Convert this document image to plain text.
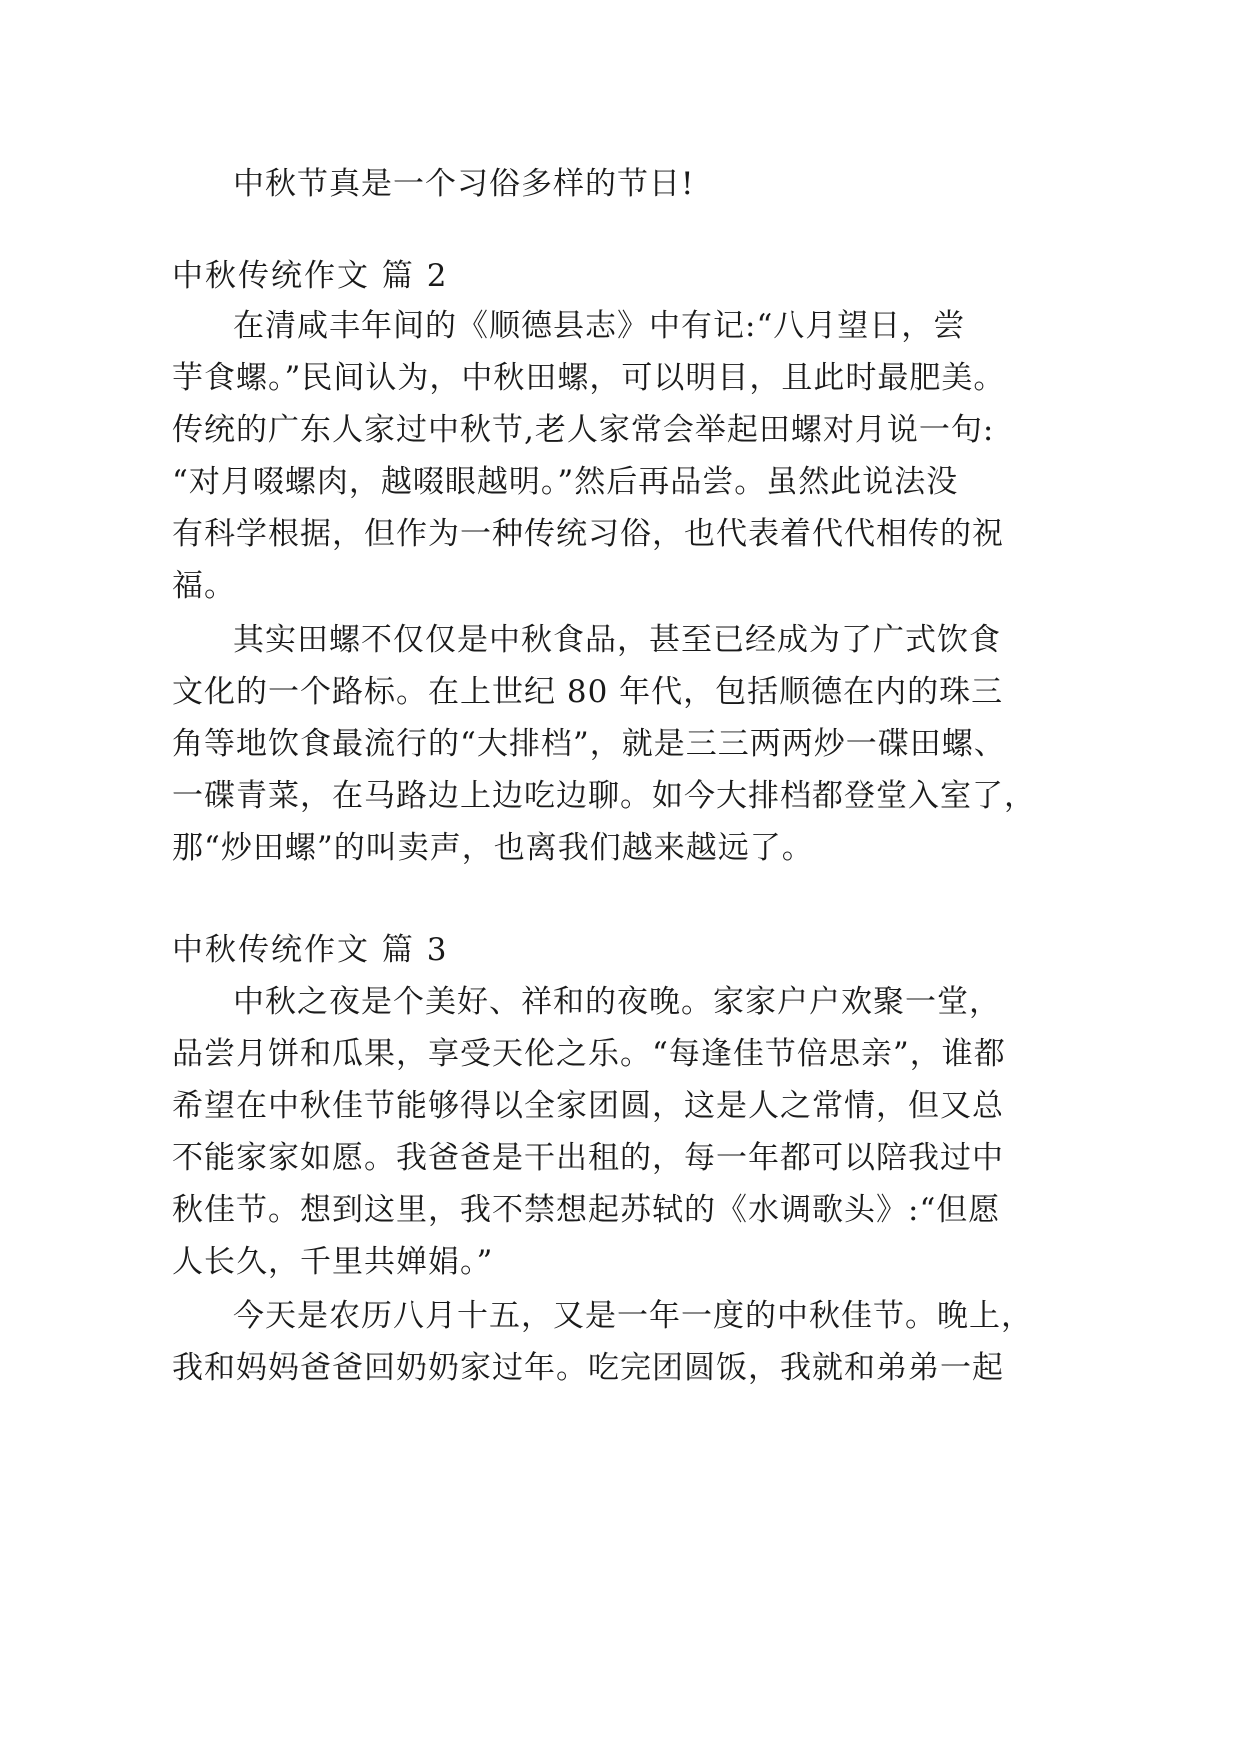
中秋节真是一个习俗多样的节日!
中秋传统作文 篇 2
在清咸丰年间的《顺德县志》中有记:“八月望日，尝
芋食螺。”民间认为，中秋田螺，可以明目，且此时最肥美。
传统的广东人家过中秋节,老人家常会举起田螺对月说一句:
“对月啜螺肉，越啜眼越明。”然后再品尝。虽然此说法没
有科学根据，但作为一种传统习俗，也代表着代代相传的祝
福。
其实田螺不仅仅是中秋食品，甚至已经成为了广式饮食
文化的一个路标。在上世纪 80 年代，包括顺德在内的珠三
角等地饮食最流行的“大排档”，就是三三两两炒一碟田螺、
一碟青菜，在马路边上边吃边聊。如今大排档都登堂入室了，
那“炒田螺”的叫卖声，也离我们越来越远了。
中秋传统作文 篇 3
中秋之夜是个美好、祥和的夜晚。家家户户欢聚一堂，
品尝月饼和瓜果，享受天伦之乐。“每逢佳节倍思亲”，谁都
希望在中秋佳节能够得以全家团圆，这是人之常情，但又总
不能家家如愿。我爸爸是干出租的，每一年都可以陪我过中
秋佳节。想到这里，我不禁想起苏轼的《水调歌头》:“但愿
人长久，千里共婵娟。”
今天是农历八月十五，又是一年一度的中秋佳节。晚上，
我和妈妈爸爸回奶奶家过年。吃完团圆饭，我就和弟弟一起
